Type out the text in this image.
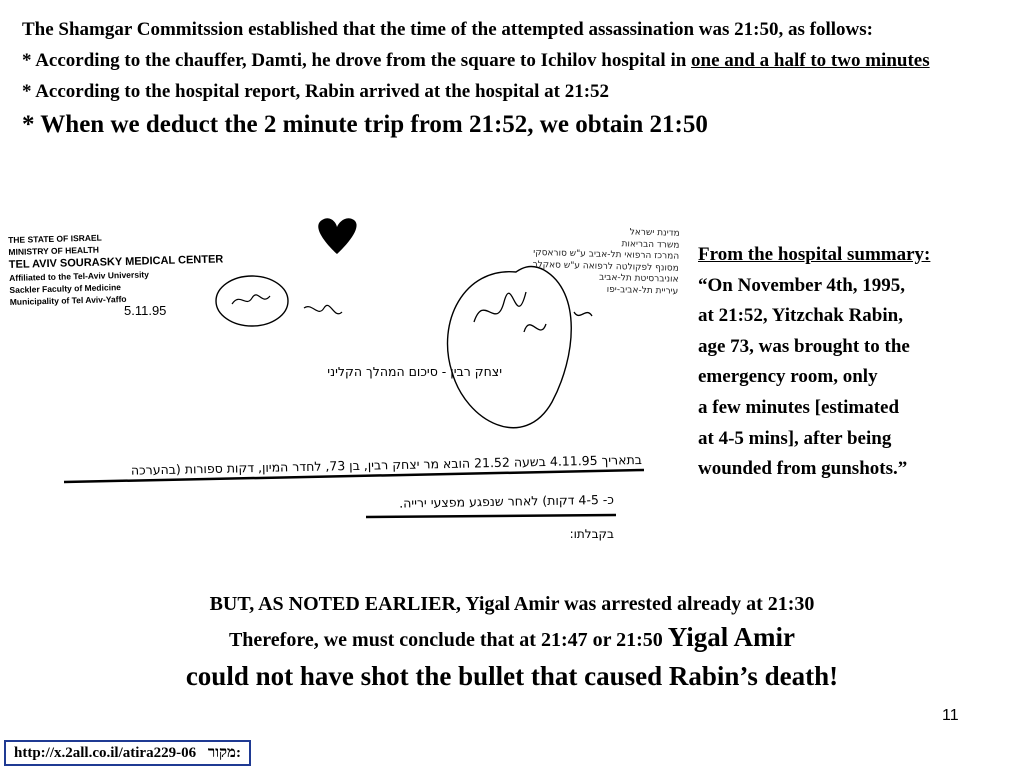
The Shamgar Commitssion established that the time of the attempted assassination was 21:50, as follows:

* According to the chauffer, Damti, he drove from the square to Ichilov hospital in one and a half to two minutes

* According to the hospital report, Rabin arrived at the hospital at 21:52

* When we deduct the 2 minute trip from 21:52, we obtain 21:50

THE STATE OF ISRAEL
MINISTRY OF HEALTH
TEL AVIV SOURASKY MEDICAL CENTER
Affiliated to the Tel-Aviv University
Sackler Faculty of Medicine
Municipality of Tel Aviv-Yaffo
5.11.95
מדינת ישראל
משרד הבריאות
המרכז הרפואי תל-אביב ע"ש סוראסקי
מסונף לפקולטה לרפואה ע"ש סאקלר
אוניברסיטת תל-אביב
עיריית תל-אביב-יפו
יצחק רבין - סיכום המהלך הקליני
בתאריך 4.11.95 בשעה 21.52 הובא מר יצחק רבין, בן 73, לחדר המיון, דקות ספורות (בהערכה
כ- 4-5 דקות) לאחר שנפגע מפצעי ירייה.
בקבלתו:
From the hospital summary:
“On November 4th, 1995,
at 21:52, Yitzchak Rabin,
age 73, was brought to the
emergency room, only
a few minutes [estimated
at 4-5 mins], after being
wounded from gunshots.”
BUT, AS NOTED EARLIER, Yigal Amir was arrested already at 21:30
Therefore, we must conclude that at 21:47 or 21:50 Yigal Amir
could not have shot the bullet that caused Rabin’s death!
11
http://x.2all.co.il/atira229-06 מקור:
